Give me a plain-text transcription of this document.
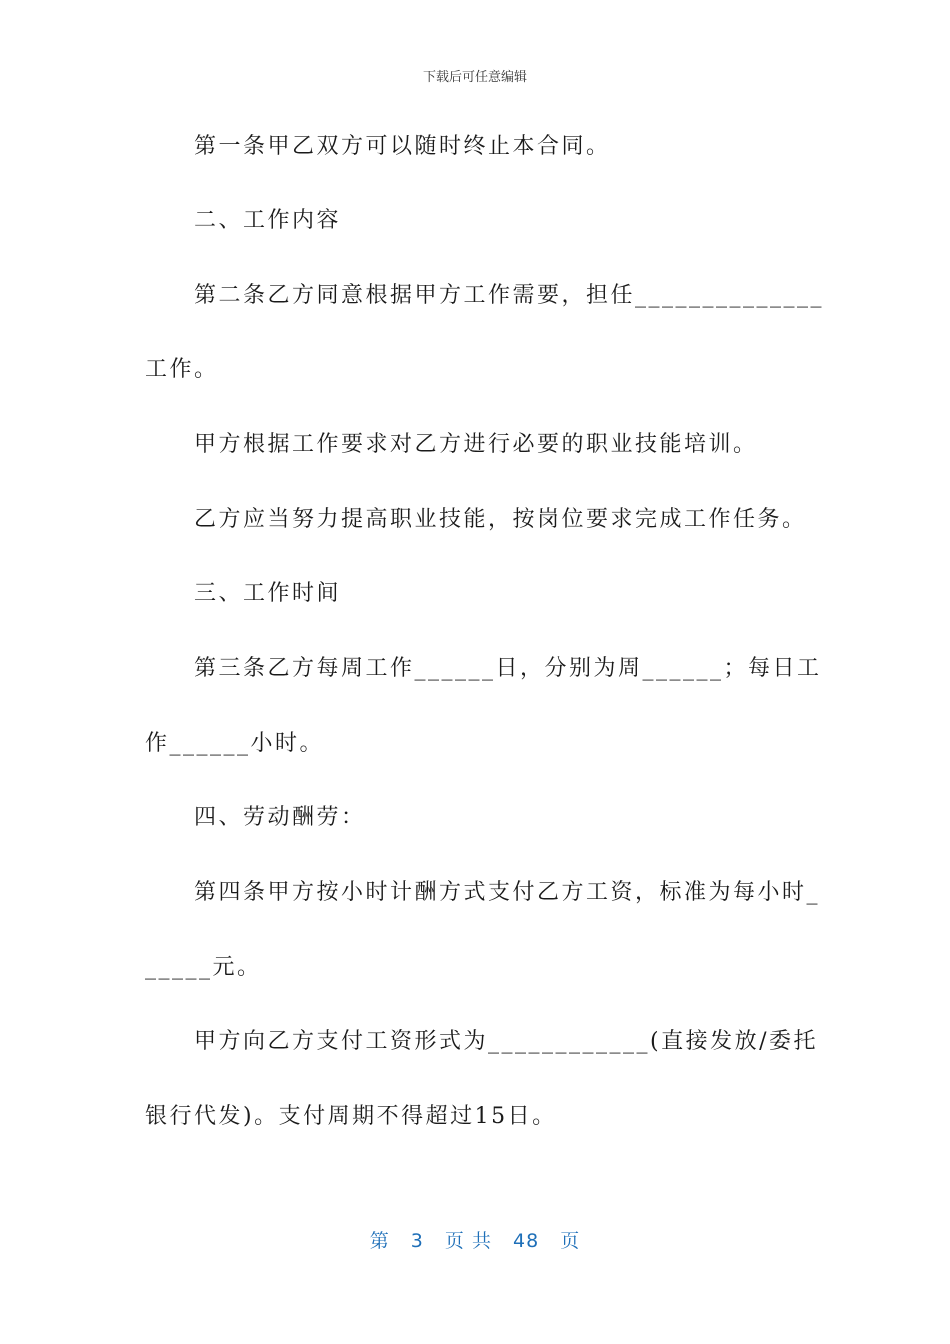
下载后可任意编辑
第一条甲乙双方可以随时终止本合同。
二、工作内容
第二条乙方同意根据甲方工作需要，担任______________
工作。
甲方根据工作要求对乙方进行必要的职业技能培训。
乙方应当努力提高职业技能，按岗位要求完成工作任务。
三、工作时间
第三条乙方每周工作______日，分别为周______；每日工
作______小时。
四、劳动酬劳：
第四条甲方按小时计酬方式支付乙方工资，标准为每小时_
_____元。
甲方向乙方支付工资形式为____________(直接发放/委托
银行代发)。支付周期不得超过15日。
第 3 页 共 48 页
